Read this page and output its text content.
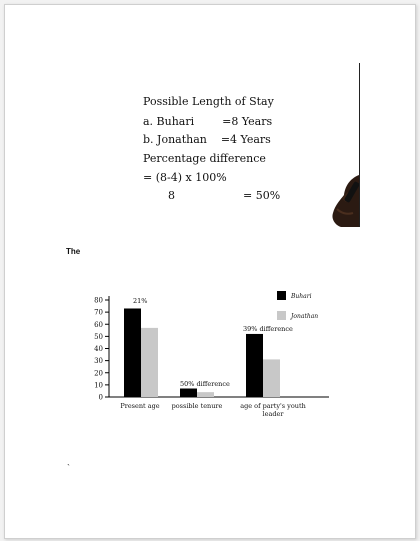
Possible Length of Stay
a. Buhari        =8 Years
b. Jonathan    =4 Years
Percentage difference
= (8-4) x 100%
8	= 50%
The
0
10
20
30
40
50
60
70
80
Present age possible tenure	age of party's youth
leader
21%
50% difference
39% difference
Buhari
Jonathan
`
